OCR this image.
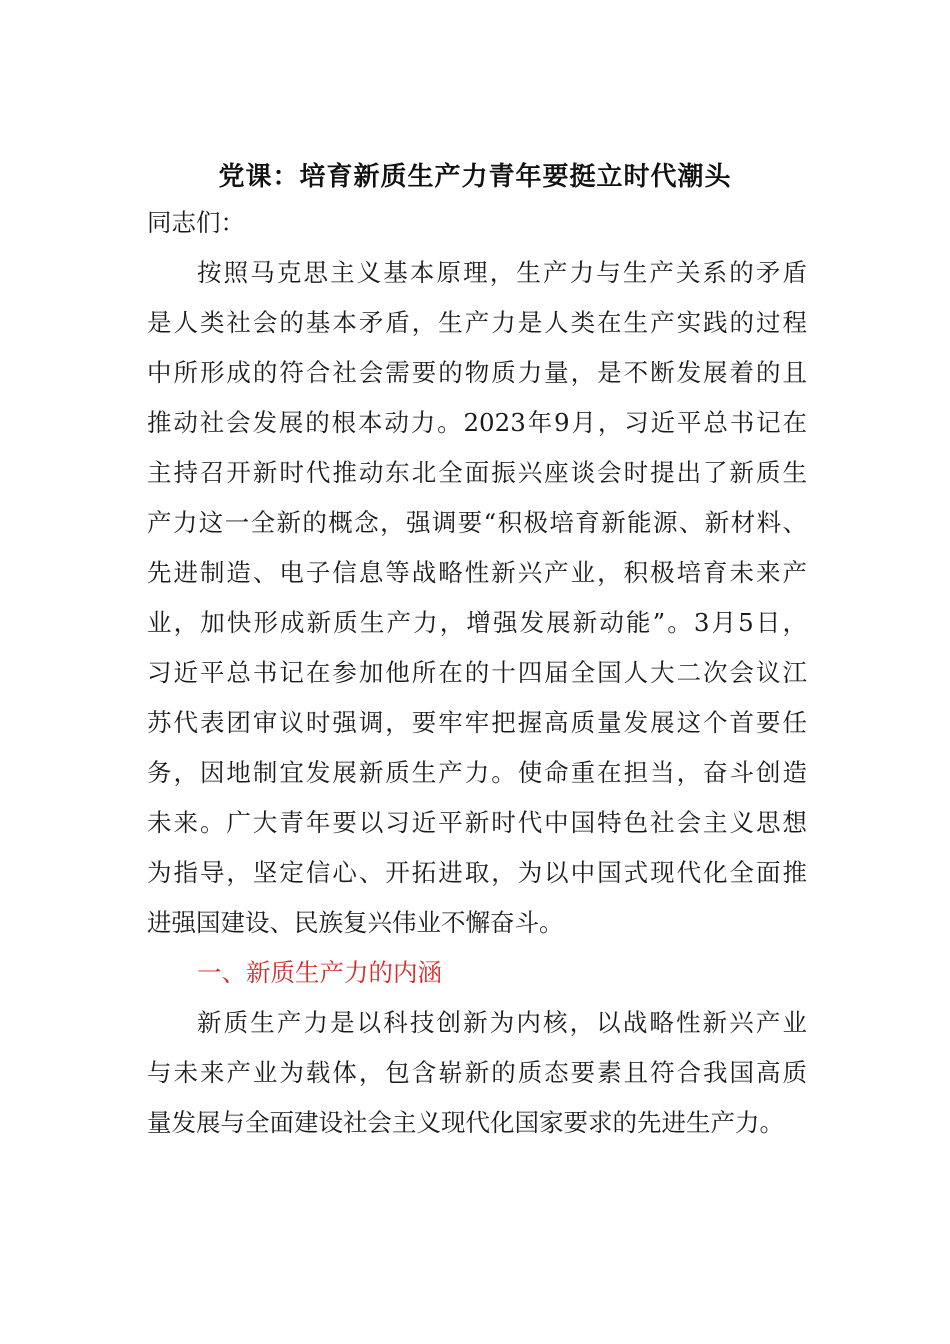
党课：培育新质生产力青年要挺立时代潮头
同志们：
按照马克思主义基本原理，生产力与生产关系的矛盾
是人类社会的基本矛盾，生产力是人类在生产实践的过程
中所形成的符合社会需要的物质力量，是不断发展着的且
推动社会发展的根本动力。2023年9月，习近平总书记在
主持召开新时代推动东北全面振兴座谈会时提出了新质生
产力这一全新的概念，强调要“积极培育新能源、新材料、
先进制造、电子信息等战略性新兴产业，积极培育未来产
业，加快形成新质生产力，增强发展新动能”。3月5日，
习近平总书记在参加他所在的十四届全国人大二次会议江
苏代表团审议时强调，要牢牢把握高质量发展这个首要任
务，因地制宜发展新质生产力。使命重在担当，奋斗创造
未来。广大青年要以习近平新时代中国特色社会主义思想
为指导，坚定信心、开拓进取，为以中国式现代化全面推
进强国建设、民族复兴伟业不懈奋斗。
一、新质生产力的内涵
新质生产力是以科技创新为内核，以战略性新兴产业
与未来产业为载体，包含崭新的质态要素且符合我国高质
量发展与全面建设社会主义现代化国家要求的先进生产力。
